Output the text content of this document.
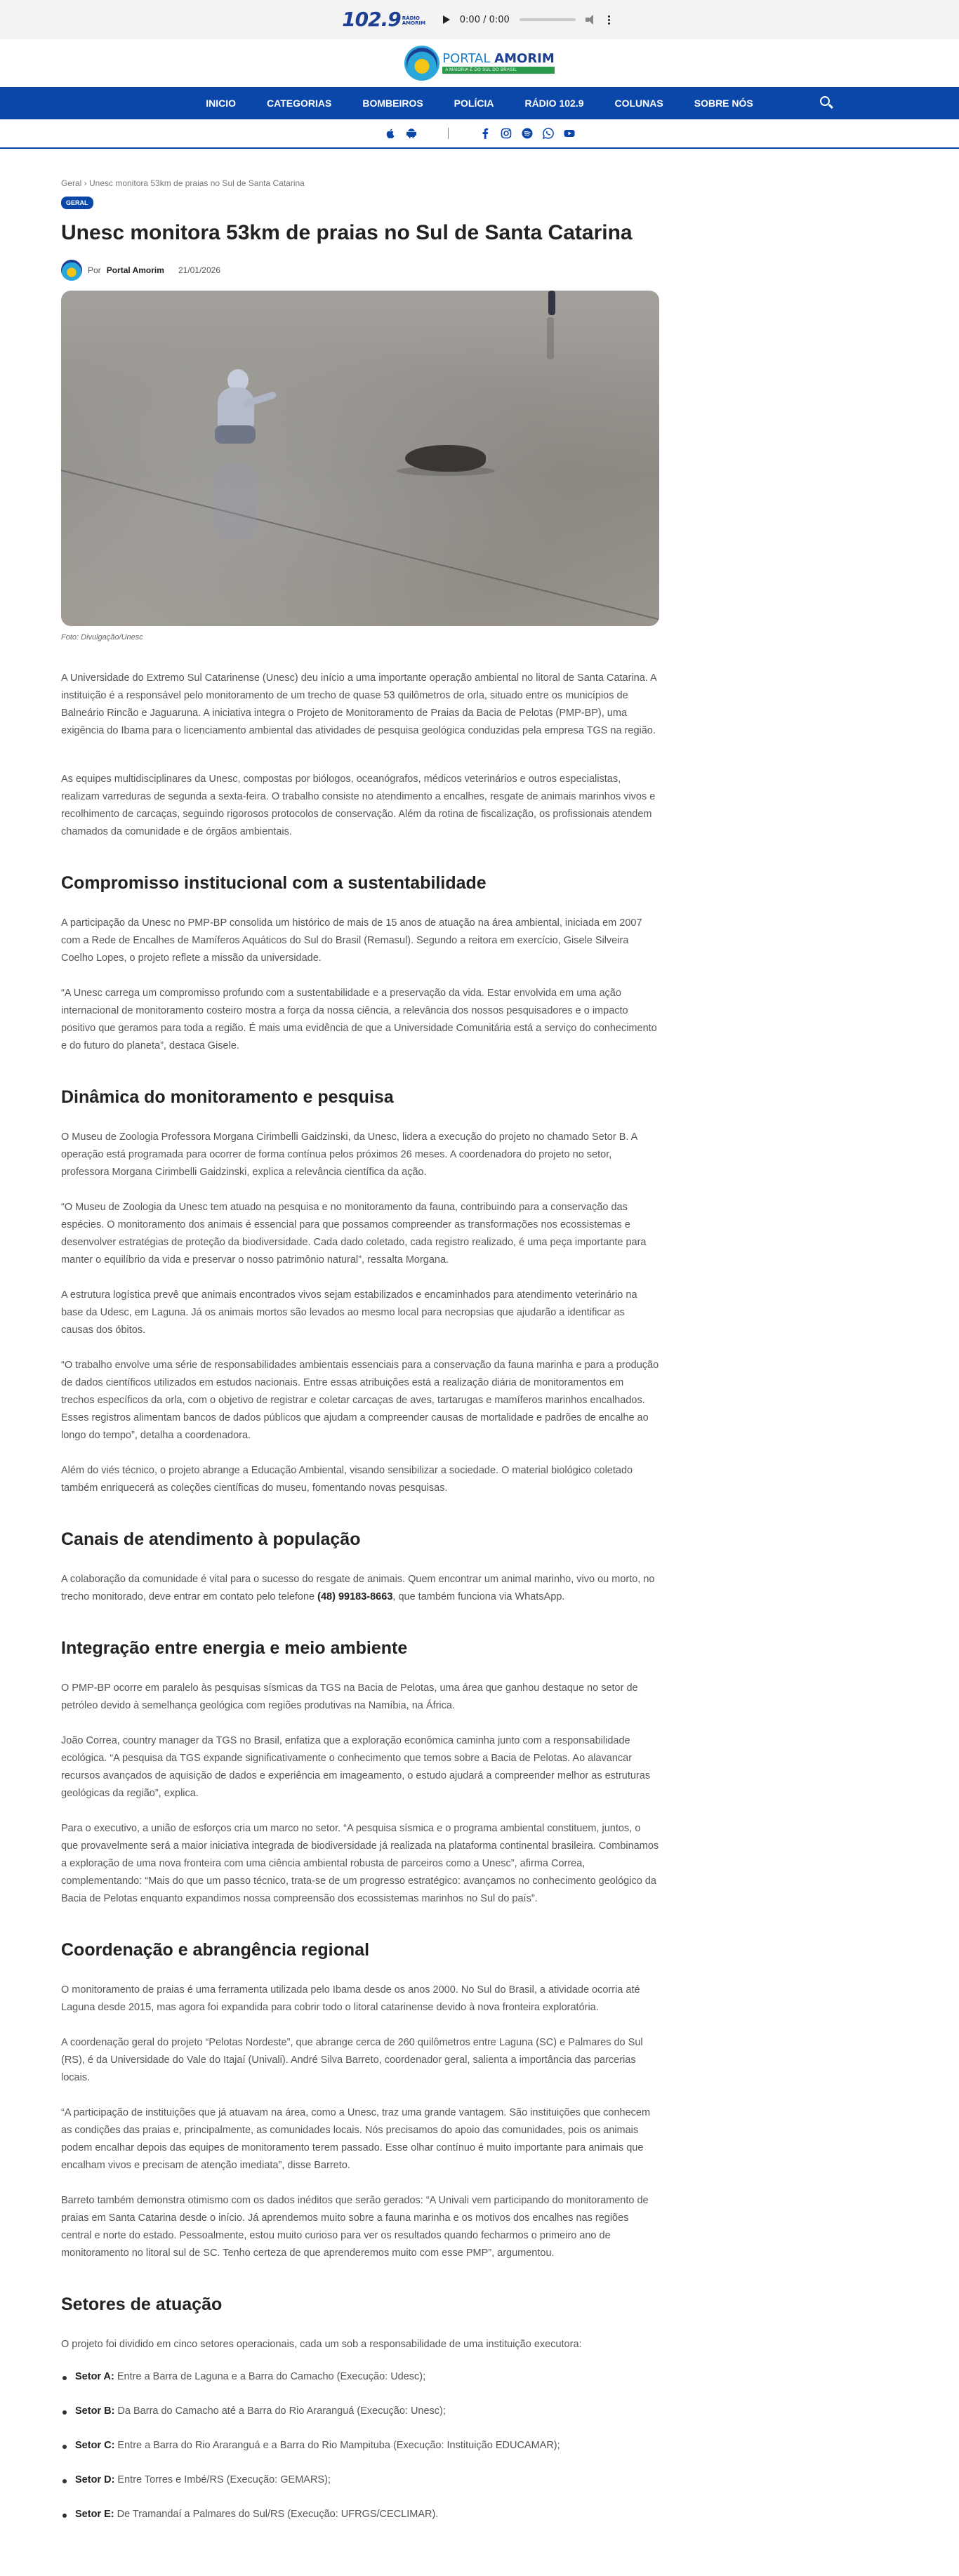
102.9 RÁDIO AMORIM	0:00 / 0:00
PORTAL AMORIM
A MAIORIA É DO SUL DO BRASIL
INICIO	CATEGORIAS	BOMBEIROS	POLÍCIA	RÁDIO 102.9	COLUNAS	SOBRE NÓS
Geral › Unesc monitora 53km de praias no Sul de Santa Catarina
GERAL
Unesc monitora 53km de praias no Sul de Santa Catarina
Por Portal Amorim 21/01/2026
Foto: Divulgação/Unesc

A Universidade do Extremo Sul Catarinense (Unesc) deu início a uma importante operação ambiental no litoral de Santa Catarina. A instituição é a responsável pelo monitoramento de um trecho de quase 53 quilômetros de orla, situado entre os municípios de Balneário Rincão e Jaguaruna. A iniciativa integra o Projeto de Monitoramento de Praias da Bacia de Pelotas (PMP-BP), uma exigência do Ibama para o licenciamento ambiental das atividades de pesquisa geológica conduzidas pela empresa TGS na região.

As equipes multidisciplinares da Unesc, compostas por biólogos, oceanógrafos, médicos veterinários e outros especialistas, realizam varreduras de segunda a sexta-feira. O trabalho consiste no atendimento a encalhes, resgate de animais marinhos vivos e recolhimento de carcaças, seguindo rigorosos protocolos de conservação. Além da rotina de fiscalização, os profissionais atendem chamados da comunidade e de órgãos ambientais.

Compromisso institucional com a sustentabilidade

A participação da Unesc no PMP-BP consolida um histórico de mais de 15 anos de atuação na área ambiental, iniciada em 2007 com a Rede de Encalhes de Mamíferos Aquáticos do Sul do Brasil (Remasul). Segundo a reitora em exercício, Gisele Silveira Coelho Lopes, o projeto reflete a missão da universidade.

“A Unesc carrega um compromisso profundo com a sustentabilidade e a preservação da vida. Estar envolvida em uma ação internacional de monitoramento costeiro mostra a força da nossa ciência, a relevância dos nossos pesquisadores e o impacto positivo que geramos para toda a região. É mais uma evidência de que a Universidade Comunitária está a serviço do conhecimento e do futuro do planeta”, destaca Gisele.

Dinâmica do monitoramento e pesquisa

O Museu de Zoologia Professora Morgana Cirimbelli Gaidzinski, da Unesc, lidera a execução do projeto no chamado Setor B. A operação está programada para ocorrer de forma contínua pelos próximos 26 meses. A coordenadora do projeto no setor, professora Morgana Cirimbelli Gaidzinski, explica a relevância científica da ação.

“O Museu de Zoologia da Unesc tem atuado na pesquisa e no monitoramento da fauna, contribuindo para a conservação das espécies. O monitoramento dos animais é essencial para que possamos compreender as transformações nos ecossistemas e desenvolver estratégias de proteção da biodiversidade. Cada dado coletado, cada registro realizado, é uma peça importante para manter o equilíbrio da vida e preservar o nosso patrimônio natural”, ressalta Morgana.

A estrutura logística prevê que animais encontrados vivos sejam estabilizados e encaminhados para atendimento veterinário na base da Udesc, em Laguna. Já os animais mortos são levados ao mesmo local para necropsias que ajudarão a identificar as causas dos óbitos.

“O trabalho envolve uma série de responsabilidades ambientais essenciais para a conservação da fauna marinha e para a produção de dados científicos utilizados em estudos nacionais. Entre essas atribuições está a realização diária de monitoramentos em trechos específicos da orla, com o objetivo de registrar e coletar carcaças de aves, tartarugas e mamíferos marinhos encalhados. Esses registros alimentam bancos de dados públicos que ajudam a compreender causas de mortalidade e padrões de encalhe ao longo do tempo”, detalha a coordenadora.

Além do viés técnico, o projeto abrange a Educação Ambiental, visando sensibilizar a sociedade. O material biológico coletado também enriquecerá as coleções científicas do museu, fomentando novas pesquisas.

Canais de atendimento à população

A colaboração da comunidade é vital para o sucesso do resgate de animais. Quem encontrar um animal marinho, vivo ou morto, no trecho monitorado, deve entrar em contato pelo telefone (48) 99183-8663, que também funciona via WhatsApp.

Integração entre energia e meio ambiente

O PMP-BP ocorre em paralelo às pesquisas sísmicas da TGS na Bacia de Pelotas, uma área que ganhou destaque no setor de petróleo devido à semelhança geológica com regiões produtivas na Namíbia, na África.

João Correa, country manager da TGS no Brasil, enfatiza que a exploração econômica caminha junto com a responsabilidade ecológica. “A pesquisa da TGS expande significativamente o conhecimento que temos sobre a Bacia de Pelotas. Ao alavancar recursos avançados de aquisição de dados e experiência em imageamento, o estudo ajudará a compreender melhor as estruturas geológicas da região”, explica.

Para o executivo, a união de esforços cria um marco no setor. “A pesquisa sísmica e o programa ambiental constituem, juntos, o que provavelmente será a maior iniciativa integrada de biodiversidade já realizada na plataforma continental brasileira. Combinamos a exploração de uma nova fronteira com uma ciência ambiental robusta de parceiros como a Unesc”, afirma Correa, complementando: “Mais do que um passo técnico, trata-se de um progresso estratégico: avançamos no conhecimento geológico da Bacia de Pelotas enquanto expandimos nossa compreensão dos ecossistemas marinhos no Sul do país”.

Coordenação e abrangência regional

O monitoramento de praias é uma ferramenta utilizada pelo Ibama desde os anos 2000. No Sul do Brasil, a atividade ocorria até Laguna desde 2015, mas agora foi expandida para cobrir todo o litoral catarinense devido à nova fronteira exploratória.

A coordenação geral do projeto “Pelotas Nordeste”, que abrange cerca de 260 quilômetros entre Laguna (SC) e Palmares do Sul (RS), é da Universidade do Vale do Itajaí (Univali). André Silva Barreto, coordenador geral, salienta a importância das parcerias locais.

“A participação de instituições que já atuavam na área, como a Unesc, traz uma grande vantagem. São instituições que conhecem as condições das praias e, principalmente, as comunidades locais. Nós precisamos do apoio das comunidades, pois os animais podem encalhar depois das equipes de monitoramento terem passado. Esse olhar contínuo é muito importante para animais que encalham vivos e precisam de atenção imediata”, disse Barreto.

Barreto também demonstra otimismo com os dados inéditos que serão gerados: “A Univali vem participando do monitoramento de praias em Santa Catarina desde o início. Já aprendemos muito sobre a fauna marinha e os motivos dos encalhes nas regiões central e norte do estado. Pessoalmente, estou muito curioso para ver os resultados quando fecharmos o primeiro ano de monitoramento no litoral sul de SC. Tenho certeza de que aprenderemos muito com esse PMP”, argumentou.

Setores de atuação

O projeto foi dividido em cinco setores operacionais, cada um sob a responsabilidade de uma instituição executora:

Setor A: Entre a Barra de Laguna e a Barra do Camacho (Execução: Udesc);
Setor B: Da Barra do Camacho até a Barra do Rio Araranguá (Execução: Unesc);
Setor C: Entre a Barra do Rio Araranguá e a Barra do Rio Mampituba (Execução: Instituição EDUCAMAR);
Setor D: Entre Torres e Imbé/RS (Execução: GEMARS);
Setor E: De Tramandaí a Palmares do Sul/RS (Execução: UFRGS/CECLIMAR).
